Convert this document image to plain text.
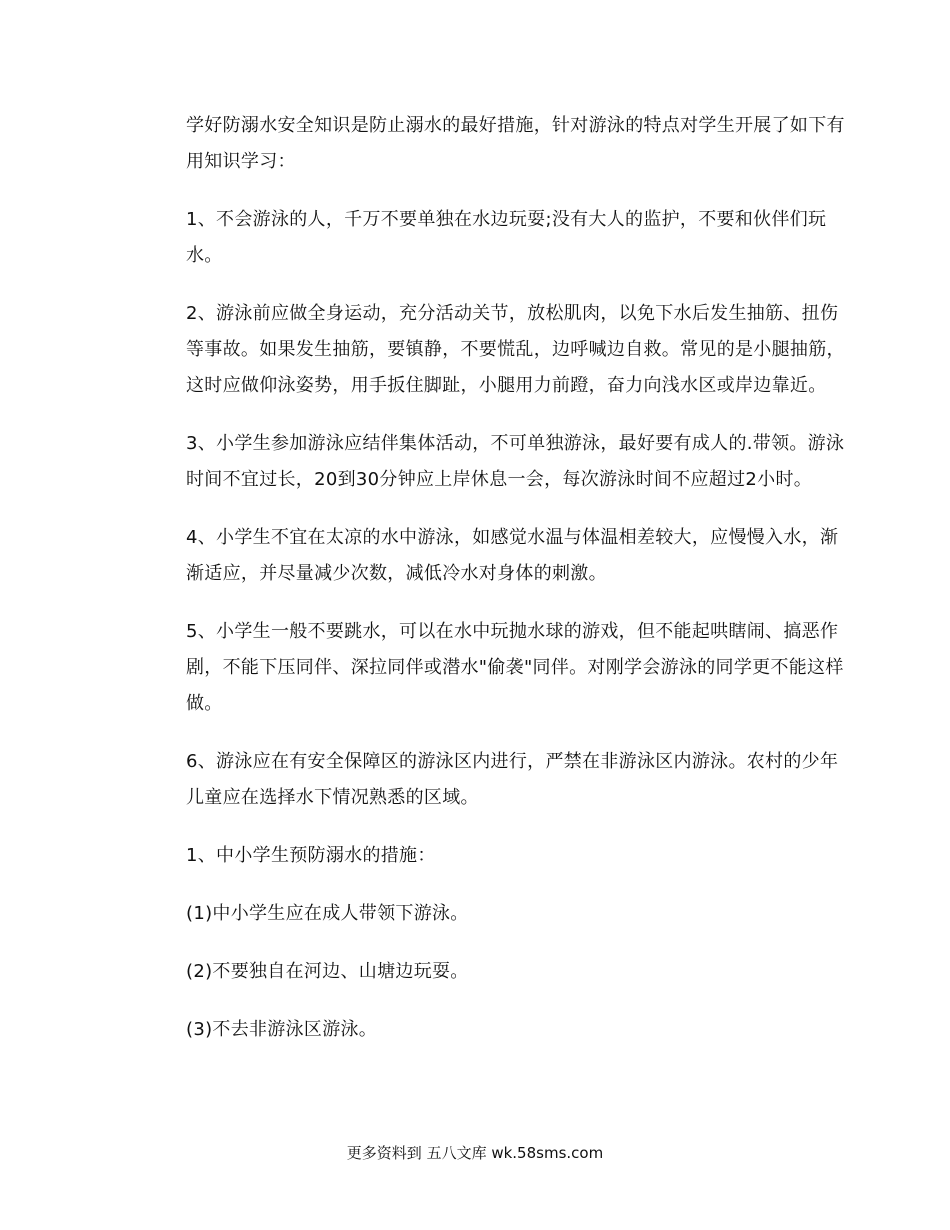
学好防溺水安全知识是防止溺水的最好措施，针对游泳的特点对学生开展了如下有用知识学习：

1、不会游泳的人，千万不要单独在水边玩耍;没有大人的监护，不要和伙伴们玩水。

2、游泳前应做全身运动，充分活动关节，放松肌肉，以免下水后发生抽筋、扭伤等事故。如果发生抽筋，要镇静，不要慌乱，边呼喊边自救。常见的是小腿抽筋，这时应做仰泳姿势，用手扳住脚趾，小腿用力前蹬，奋力向浅水区或岸边靠近。

3、小学生参加游泳应结伴集体活动，不可单独游泳，最好要有成人的.带领。游泳时间不宜过长，20到30分钟应上岸休息一会，每次游泳时间不应超过2小时。

4、小学生不宜在太凉的水中游泳，如感觉水温与体温相差较大，应慢慢入水，渐渐适应，并尽量减少次数，减低冷水对身体的刺激。

5、小学生一般不要跳水，可以在水中玩抛水球的游戏，但不能起哄瞎闹、搞恶作剧，不能下压同伴、深拉同伴或潜水"偷袭"同伴。对刚学会游泳的同学更不能这样做。

6、游泳应在有安全保障区的游泳区内进行，严禁在非游泳区内游泳。农村的少年儿童应在选择水下情况熟悉的区域。

1、中小学生预防溺水的措施：

(1)中小学生应在成人带领下游泳。

(2)不要独自在河边、山塘边玩耍。

(3)不去非游泳区游泳。

更多资料到 五八文库 wk.58sms.com
